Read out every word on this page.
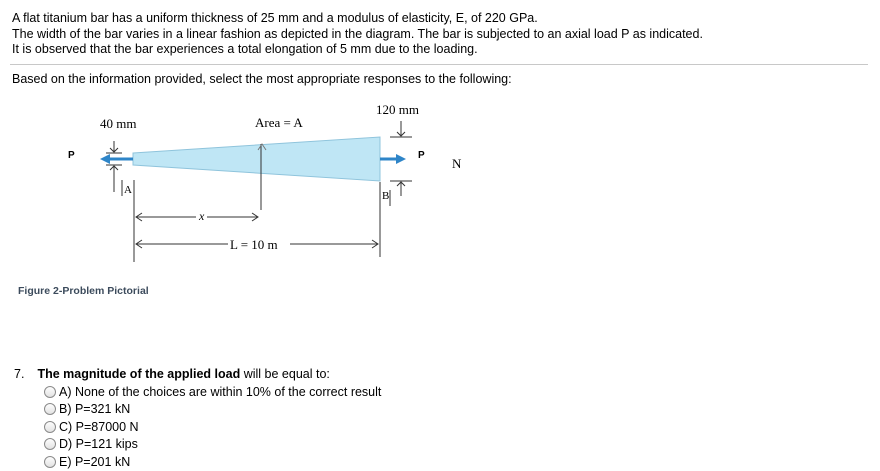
A flat titanium bar has a uniform thickness of 25 mm and a modulus of elasticity, E, of 220 GPa.

The width of the bar varies in a linear fashion as depicted in the diagram. The bar is subjected to an axial load P as indicated.

It is observed that the bar experiences a total elongation of 5 mm due to the loading.

Based on the information provided, select the most appropriate responses to the following:
40 mm	Area = A
120 mm
P	P
N
A	B
x
L = 10 m
Figure 2-Problem Pictorial
7. The magnitude of the applied load will be equal to:
A) None of the choices are within 10% of the correct result
B) P=321 kN
C) P=87000 N
D) P=121 kips
E) P=201 kN
